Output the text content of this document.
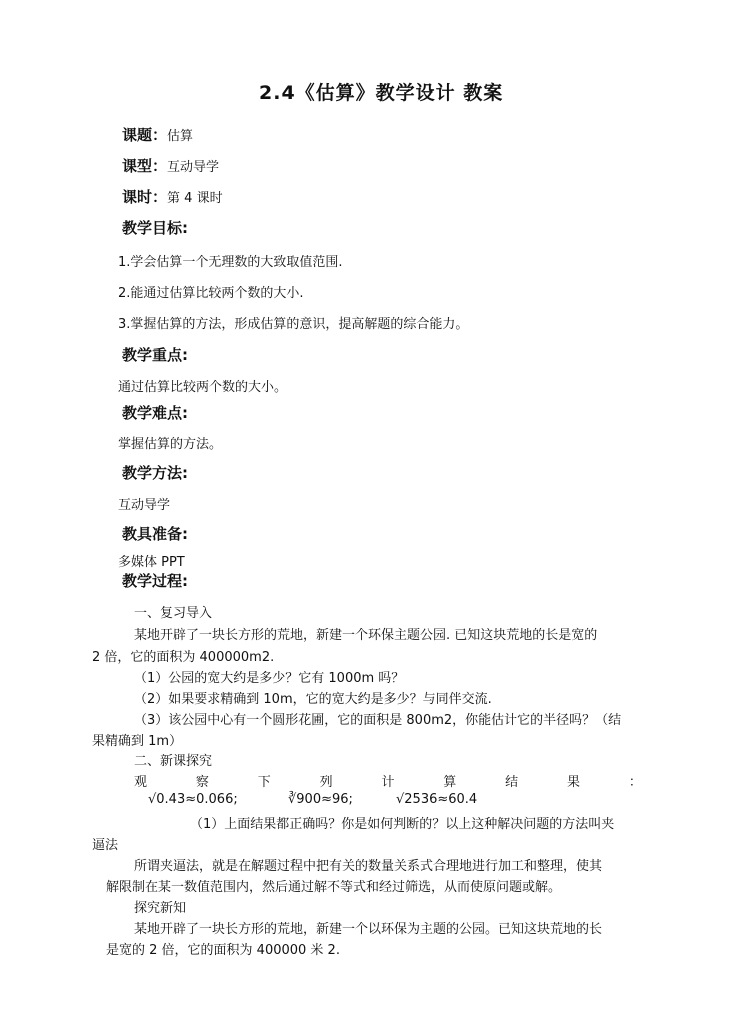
2.4《估算》教学设计 教案
课题：估算
课型：互动导学
课时：第 4 课时
教学目标:
1.学会估算一个无理数的大致取值范围.
2.能通过估算比较两个数的大小.
3.掌握估算的方法，形成估算的意识，提高解题的综合能力。
教学重点:
通过估算比较两个数的大小。
教学难点:
掌握估算的方法。
教学方法:
互动导学
教具准备:
多媒体 PPT
教学过程:
一、复习导入
某地开辟了一块长方形的荒地，新建一个环保主题公园. 已知这块荒地的长是宽的
2 倍，它的面积为 400000m2.
（1）公园的宽大约是多少？它有 1000m 吗？
（2）如果要求精确到 10m，它的宽大约是多少？与同伴交流.
（3）该公园中心有一个圆形花圃，它的面积是 800m2，你能估计它的半径吗？（结
果精确到 1m）
二、新课探究
观	察	下	列	计	算	结	果	：
√0.43≈0.066;	∛900≈96;	√2536≈60.4
（1）上面结果都正确吗？你是如何判断的？以上这种解决问题的方法叫夹
逼法
所谓夹逼法，就是在解题过程中把有关的数量关系式合理地进行加工和整理，使其
解限制在某一数值范围内，然后通过解不等式和经过筛选，从而使原问题或解。
探究新知
某地开辟了一块长方形的荒地，新建一个以环保为主题的公园。已知这块荒地的长
是宽的 2 倍，它的面积为 400000 米 2.
